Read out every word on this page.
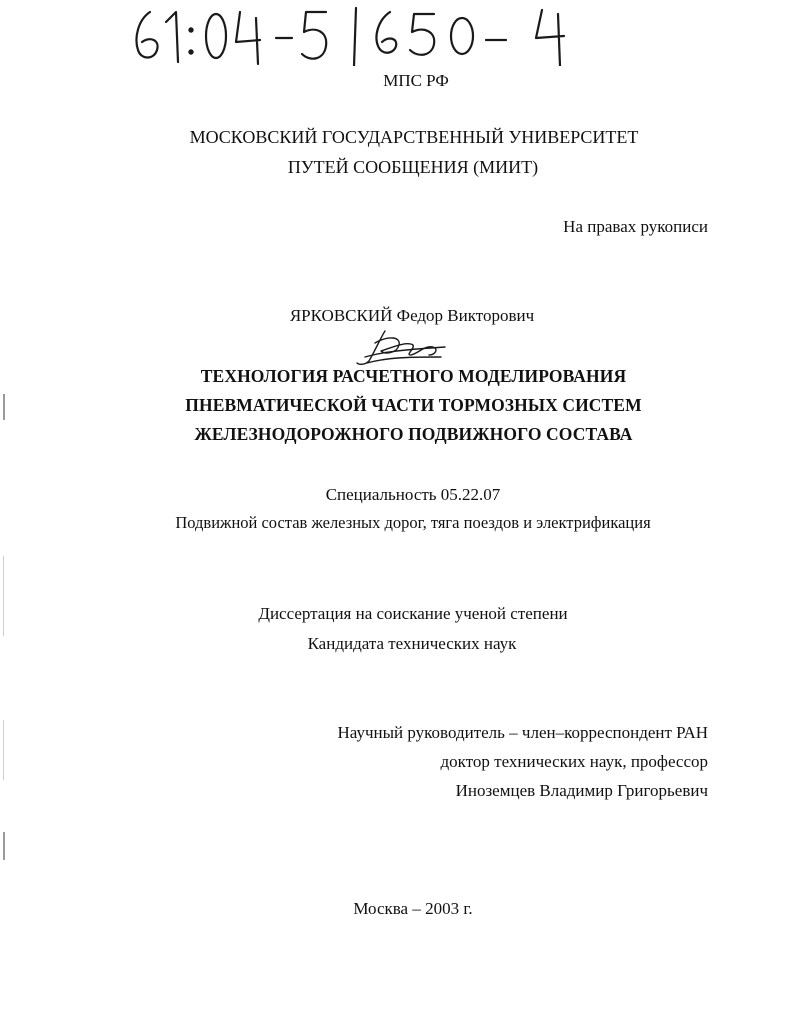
МПС РФ
МОСКОВСКИЙ ГОСУДАРСТВЕННЫЙ УНИВЕРСИТЕТ
ПУТЕЙ СООБЩЕНИЯ (МИИТ)
На правах рукописи
ЯРКОВСКИЙ Федор Викторович
ТЕХНОЛОГИЯ РАСЧЕТНОГО МОДЕЛИРОВАНИЯ
ПНЕВМАТИЧЕСКОЙ ЧАСТИ ТОРМОЗНЫХ СИСТЕМ
ЖЕЛЕЗНОДОРОЖНОГО ПОДВИЖНОГО СОСТАВА
Специальность 05.22.07
Подвижной состав железных дорог, тяга поездов и электрификация
Диссертация на соискание ученой степени
Кандидата технических наук
Научный руководитель – член–корреспондент РАН
доктор технических наук, профессор
Иноземцев Владимир Григорьевич
Москва – 2003 г.
